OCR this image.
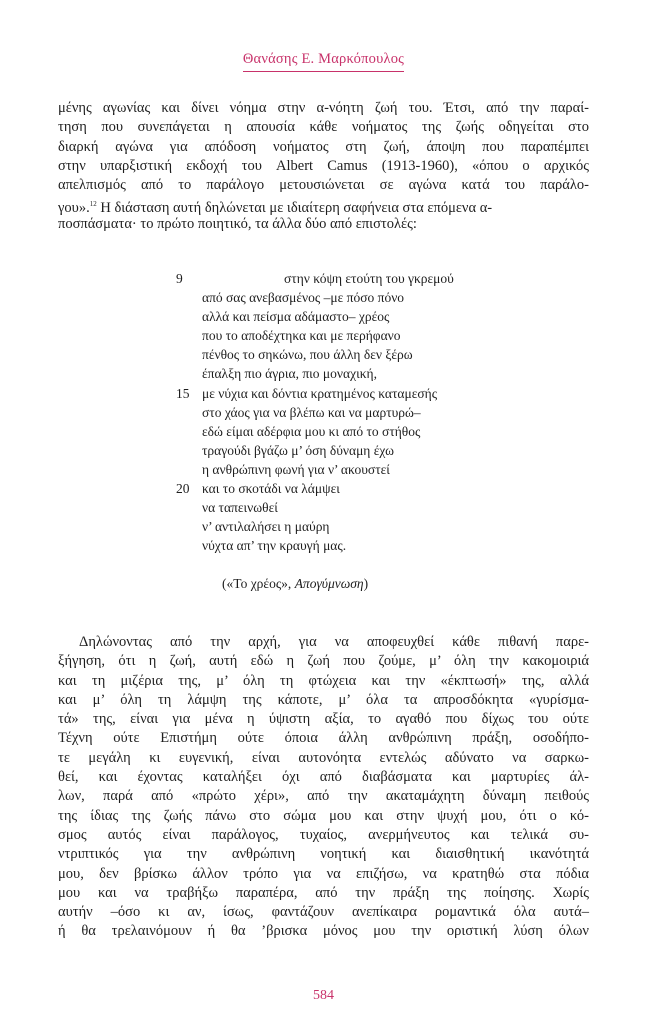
Θανάσης Ε. Μαρκόπουλος
μένης αγωνίας και δίνει νόημα στην α-νόητη ζωή του. Έτσι, από την παραί-
τηση που συνεπάγεται η απουσία κάθε νοήματος της ζωής οδηγείται στο
διαρκή αγώνα για απόδοση νοήματος στη ζωή, άποψη που παραπέμπει
στην υπαρξιστική εκδοχή του Albert Camus (1913-1960), «όπου ο αρχικός
απελπισμός από το παράλογο μετουσιώνεται σε αγώνα κατά του παράλο-
γου».$^{12}$ Η διάσταση αυτή δηλώνεται με ιδιαίτερη σαφήνεια στα επόμενα α-
ποσπάσματα· το πρώτο ποιητικό, τα άλλα δύο από επιστολές:
9	στην κόψη ετούτη του γκρεμού
από σας ανεβασμένος –με πόσο πόνο
αλλά και πείσμα αδάμαστο– χρέος
που το αποδέχτηκα και με περήφανο
πένθος το σηκώνω, που άλλη δεν ξέρω
έπαλξη πιο άγρια, πιο μοναχική,
15 με νύχια και δόντια κρατημένος καταμεσής
στο χάος για να βλέπω και να μαρτυρώ–
εδώ είμαι αδέρφια μου κι από το στήθος
τραγούδι βγάζω μ’ όση δύναμη έχω
η ανθρώπινη φωνή για ν’ ακουστεί
20 και το σκοτάδι να λάμψει
να ταπεινωθεί
ν’ αντιλαλήσει η μαύρη
νύχτα απ’ την κραυγή μας.
(«Το χρέος», Απογύμνωση)
Δηλώνοντας από την αρχή, για να αποφευχθεί κάθε πιθανή παρε-
ξήγηση, ότι η ζωή, αυτή εδώ η ζωή που ζούμε, μ’ όλη την κακομοιριά
και τη μιζέρια της, μ’ όλη τη φτώχεια και την «έκπτωσή» της, αλλά
και μ’ όλη τη λάμψη της κάποτε, μ’ όλα τα απροσδόκητα «γυρίσμα-
τά» της, είναι για μένα η ύψιστη αξία, το αγαθό που δίχως του ούτε
Τέχνη ούτε Επιστήμη ούτε όποια άλλη ανθρώπινη πράξη, οσοδήπο-
τε μεγάλη κι ευγενική, είναι αυτονόητα εντελώς αδύνατο να σαρκω-
θεί, και έχοντας καταλήξει όχι από διαβάσματα και μαρτυρίες άλ-
λων, παρά από «πρώτο χέρι», από την ακαταμάχητη δύναμη πειθούς
της ίδιας της ζωής πάνω στο σώμα μου και στην ψυχή μου, ότι ο κό-
σμος αυτός είναι παράλογος, τυχαίος, ανερμήνευτος και τελικά συ-
ντριπτικός για την ανθρώπινη νοητική και διαισθητική ικανότητά
μου, δεν βρίσκω άλλον τρόπο για να επιζήσω, να κρατηθώ στα πόδια
μου και να τραβήξω παραπέρα, από την πράξη της ποίησης. Χωρίς
αυτήν –όσο κι αν, ίσως, φαντάζουν ανεπίκαιρα ρομαντικά όλα αυτά–
ή θα τρελαινόμουν ή θα ’βρισκα μόνος μου την οριστική λύση όλων
584
